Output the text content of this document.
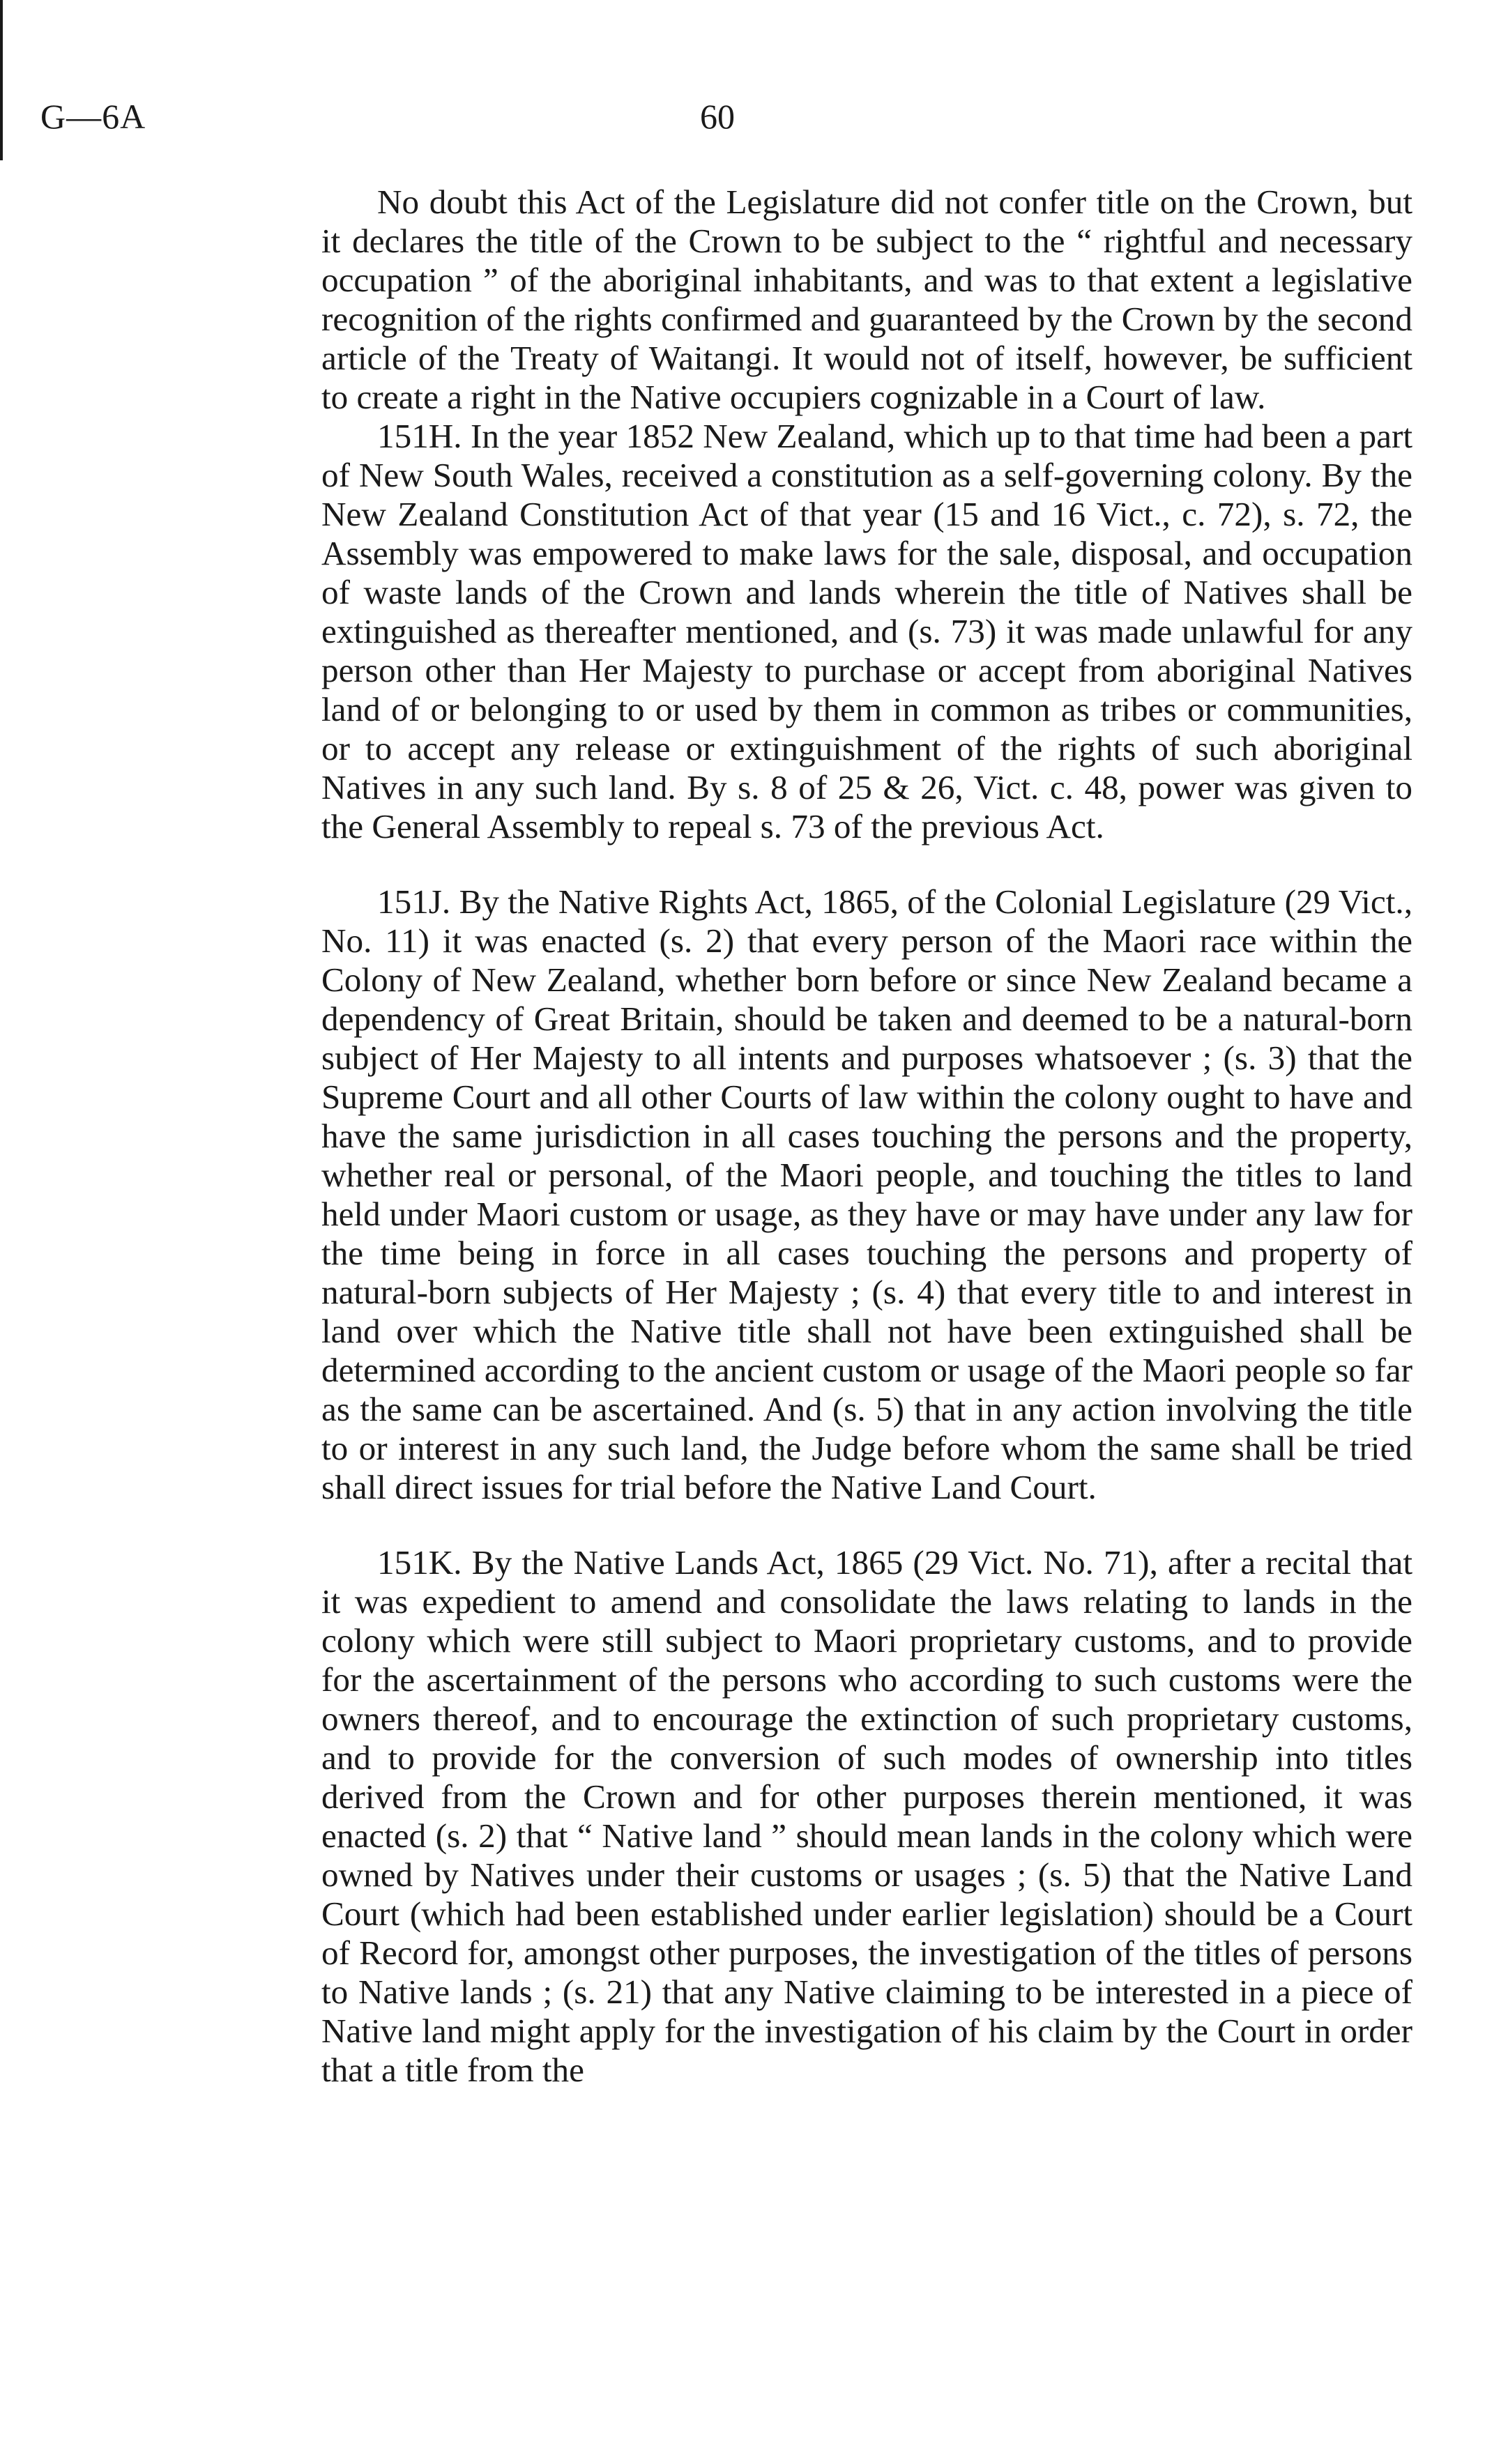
G—6A	60

No doubt this Act of the Legislature did not confer title on the Crown, but it declares the title of the Crown to be subject to the “ rightful and necessary occupation ” of the aboriginal inhabitants, and was to that extent a legislative recognition of the rights confirmed and guaranteed by the Crown by the second article of the Treaty of Waitangi. It would not of itself, however, be sufficient to create a right in the Native occupiers cognizable in a Court of law.

151H. In the year 1852 New Zealand, which up to that time had been a part of New South Wales, received a constitution as a self-governing colony. By the New Zealand Constitution Act of that year (15 and 16 Vict., c. 72), s. 72, the Assembly was empowered to make laws for the sale, disposal, and occupation of waste lands of the Crown and lands wherein the title of Natives shall be extinguished as thereafter mentioned, and (s. 73) it was made unlawful for any person other than Her Majesty to purchase or accept from aboriginal Natives land of or belonging to or used by them in common as tribes or communities, or to accept any release or extinguishment of the rights of such aboriginal Natives in any such land. By s. 8 of 25 & 26, Vict. c. 48, power was given to the General Assembly to repeal s. 73 of the previous Act.

151J. By the Native Rights Act, 1865, of the Colonial Legislature (29 Vict., No. 11) it was enacted (s. 2) that every person of the Maori race within the Colony of New Zealand, whether born before or since New Zealand became a dependency of Great Britain, should be taken and deemed to be a natural-born subject of Her Majesty to all intents and purposes whatsoever ; (s. 3) that the Supreme Court and all other Courts of law within the colony ought to have and have the same jurisdiction in all cases touching the persons and the property, whether real or personal, of the Maori people, and touching the titles to land held under Maori custom or usage, as they have or may have under any law for the time being in force in all cases touching the persons and property of natural-born subjects of Her Majesty ; (s. 4) that every title to and interest in land over which the Native title shall not have been extinguished shall be determined according to the ancient custom or usage of the Maori people so far as the same can be ascertained. And (s. 5) that in any action involving the title to or interest in any such land, the Judge before whom the same shall be tried shall direct issues for trial before the Native Land Court.

151K. By the Native Lands Act, 1865 (29 Vict. No. 71), after a recital that it was expedient to amend and consolidate the laws relating to lands in the colony which were still subject to Maori proprietary customs, and to provide for the ascertainment of the persons who according to such customs were the owners thereof, and to encourage the extinction of such proprietary customs, and to provide for the conversion of such modes of ownership into titles derived from the Crown and for other purposes therein mentioned, it was enacted (s. 2) that “ Native land ” should mean lands in the colony which were owned by Natives under their customs or usages ; (s. 5) that the Native Land Court (which had been established under earlier legislation) should be a Court of Record for, amongst other purposes, the investigation of the titles of persons to Native lands ; (s. 21) that any Native claiming to be interested in a piece of Native land might apply for the investigation of his claim by the Court in order that a title from the
